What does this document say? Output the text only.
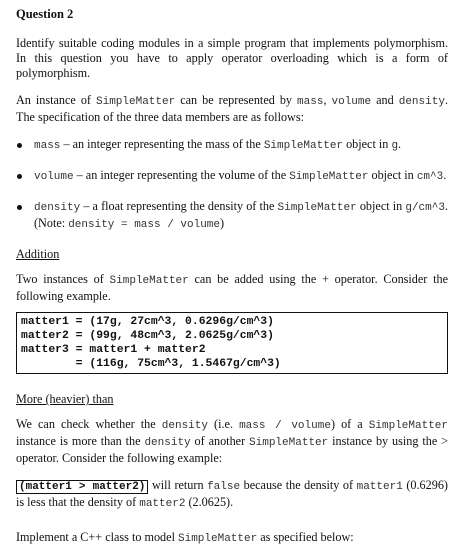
Question 2

Identify suitable coding modules in a simple program that implements polymorphism. In this question you have to apply operator overloading which is a form of polymorphism.

An instance of SimpleMatter can be represented by mass, volume and density. The specification of the three data members are as follows:

mass – an integer representing the mass of the SimpleMatter object in g.
volume – an integer representing the volume of the SimpleMatter object in cm^3.
density – a float representing the density of the SimpleMatter object in g/cm^3. (Note: density = mass / volume)
Addition

Two instances of SimpleMatter can be added using the + operator. Consider the following example.

matter1 = (17g, 27cm^3, 0.6296g/cm^3)
matter2 = (99g, 48cm^3, 2.0625g/cm^3)
matter3 = matter1 + matter2
= (116g, 75cm^3, 1.5467g/cm^3)
More (heavier) than

We can check whether the density (i.e. mass / volume) of a SimpleMatter instance is more than the density of another SimpleMatter instance by using the > operator. Consider the following example:

(matter1 > matter2) will return false because the density of matter1 (0.6296) is less that the density of matter2 (2.0625).

Implement a C++ class to model SimpleMatter as specified below:
